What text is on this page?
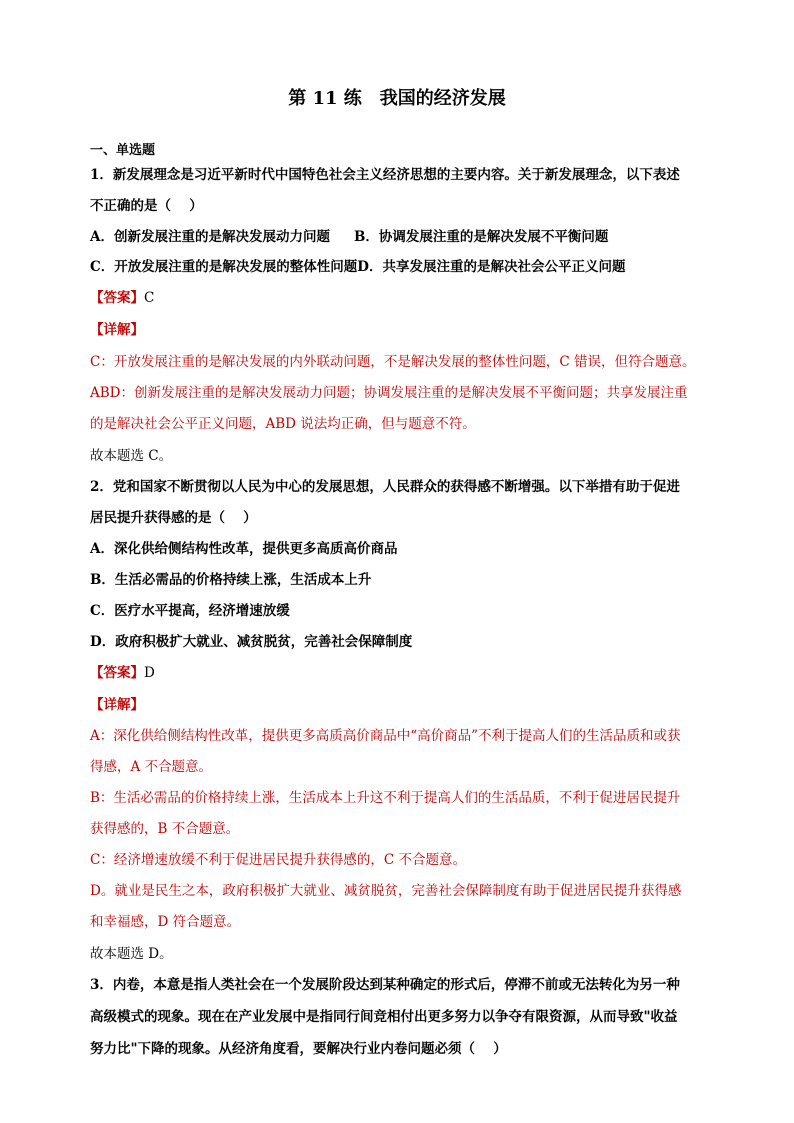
第 11 练　我国的经济发展
一、单选题
1．新发展理念是习近平新时代中国特色社会主义经济思想的主要内容。关于新发展理念，以下表述
不正确的是（　 ）
A．创新发展注重的是解决发展动力问题 B．协调发展注重的是解决发展不平衡问题
C．开放发展注重的是解决发展的整体性问题D．共享发展注重的是解决社会公平正义问题
【答案】C
【详解】
C：开放发展注重的是解决发展的内外联动问题，不是解决发展的整体性问题，C 错误，但符合题意。
ABD：创新发展注重的是解决发展动力问题；协调发展注重的是解决发展不平衡问题；共享发展注重
的是解决社会公平正义问题，ABD 说法均正确，但与题意不符。
故本题选 C。
2．党和国家不断贯彻以人民为中心的发展思想，人民群众的获得感不断增强。以下举措有助于促进
居民提升获得感的是（　 ）
A．深化供给侧结构性改革，提供更多高质高价商品
B．生活必需品的价格持续上涨，生活成本上升
C．医疗水平提高，经济增速放缓
D．政府积极扩大就业、减贫脱贫，完善社会保障制度
【答案】D
【详解】
A：深化供给侧结构性改革，提供更多高质高价商品中“高价商品”不利于提高人们的生活品质和或获
得感，A 不合题意。
B：生活必需品的价格持续上涨，生活成本上升这不利于提高人们的生活品质，不利于促进居民提升
获得感的，B 不合题意。
C：经济增速放缓不利于促进居民提升获得感的，C 不合题意。
D。就业是民生之本，政府积极扩大就业、减贫脱贫，完善社会保障制度有助于促进居民提升获得感
和幸福感，D 符合题意。
故本题选 D。
3．内卷，本意是指人类社会在一个发展阶段达到某种确定的形式后，停滞不前或无法转化为另一种
高级模式的现象。现在在产业发展中是指同行间竞相付出更多努力以争夺有限资源，从而导致"收益
努力比"下降的现象。从经济角度看，要解决行业内卷问题必须（　 ）
